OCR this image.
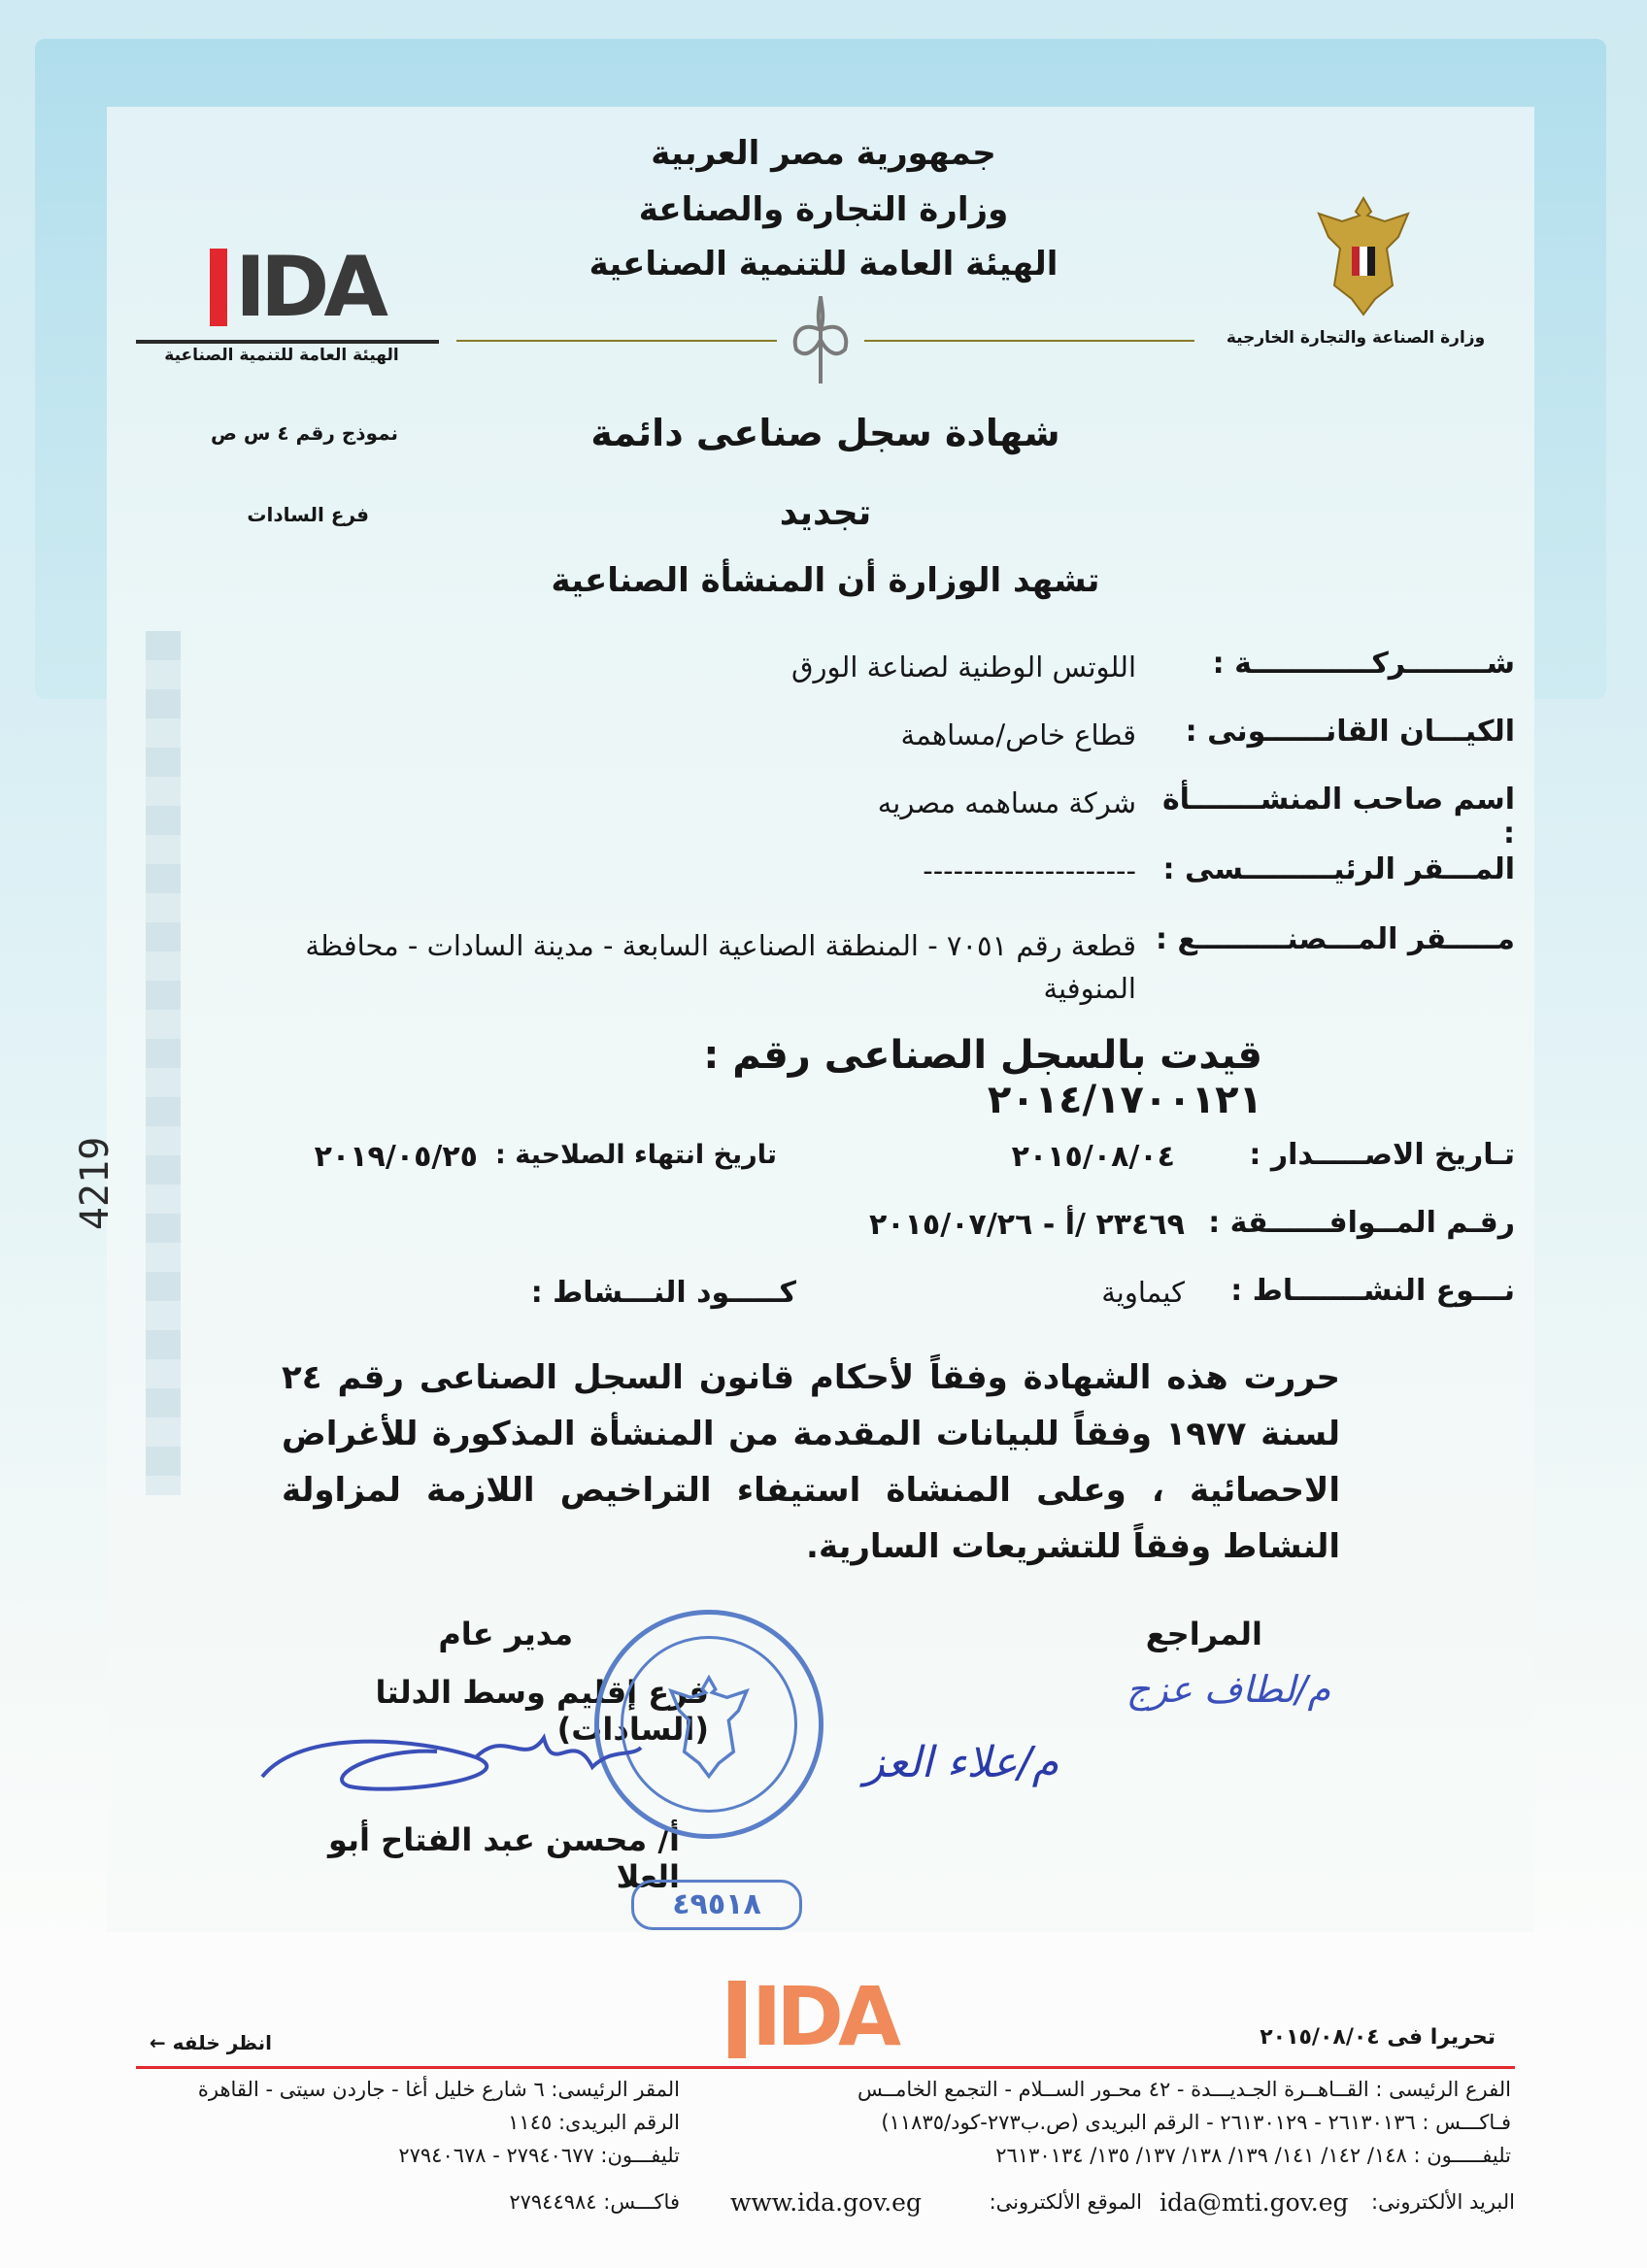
جمهورية مصر العربية
وزارة التجارة والصناعة
الهيئة العامة للتنمية الصناعية
IDA
الهيئة العامة للتنمية الصناعية
وزارة الصناعة والتجارة الخارجية
نموذج رقم ٤ س ص
فرع السادات
شهادة سجل صناعى دائمة
تجديد
تشهد الوزارة أن المنشأة الصناعية
شــــــــركــــــــــــة :
اللوتس الوطنية لصناعة الورق
الكيـــان القانــــــونى :
قطاع خاص/مساهمة
اسم صاحب المنشـــــــأة :
شركة مساهمه مصريه
المـــقر الرئيـــــــــسى :
---------------------
مـــــقر المـــصنـــــــــع :
قطعة رقم ٧٠٥١ - المنطقة الصناعية السابعة - مدينة السادات - محافظة المنوفية
قيدت بالسجل الصناعى رقم : ٢٠١٤/١٧٠٠١٢١
تـاريخ الاصـــــدار :
٢٠١٥/٠٨/٠٤
تاريخ انتهاء الصلاحية :
٢٠١٩/٠٥/٢٥
رقـم المــوافــــــقة :
٢٣٤٦٩ /أ - ٢٠١٥/٠٧/٢٦
نـــوع النشـــــــاط :
كيماوية
كـــــود النـــشاط :
حررت هذه الشهادة وفقاً لأحكام قانون السجل الصناعى رقم ٢٤ لسنة ١٩٧٧ وفقاً للبيانات المقدمة من المنشأة المذكورة للأغراض الاحصائية ، وعلى المنشاة استيفاء التراخيص اللازمة لمزاولة النشاط وفقاً للتشريعات السارية.
المراجع
م/لطاف عزج
مدير عام
فرع إقليم وسط الدلتا (السادات)
أ/ محسن عبد الفتاح أبو العلا
م/علاء العز
٤٩٥١٨
4219
IDA	تحريرا فى ٢٠١٥/٠٨/٠٤
انظر خلفه ←
الفرع الرئيسى : القــاهــرة الجـديـــدة - ٤٢ محـور الســلام - التجمع الخامــس
فـاكـــس : ٢٦١٣٠١٣٦ - ٢٦١٣٠١٢٩ - الرقم البريدى (ص.ب٢٧٣-كود/١١٨٣٥)
تليفـــــون : ١٤٨/ ١٤٢/ ١٤١/ ١٣٩/ ١٣٨/ ١٣٧/ ١٣٥/ ٢٦١٣٠١٣٤
المقر الرئيسى: ٦ شارع خليل أغا - جاردن سيتى - القاهرة
الرقم البريدى: ١١٤٥
تليفـــون: ٢٧٩٤٠٦٧٧ - ٢٧٩٤٠٦٧٨
فاكـــس: ٢٧٩٤٤٩٨٤	ida@mti.gov.eg	البريد الألكترونى:
www.ida.gov.eg	الموقع الألكترونى:
